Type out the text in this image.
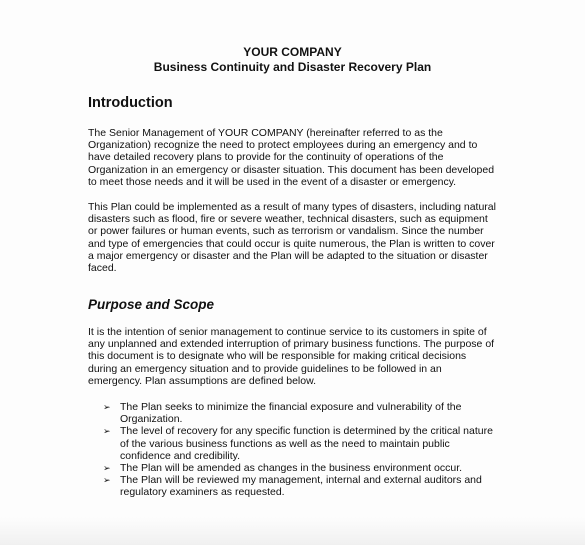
YOUR COMPANY
Business Continuity and Disaster Recovery Plan
Introduction
The Senior Management of YOUR COMPANY (hereinafter referred to as the
Organization) recognize the need to protect employees during an emergency and to
have detailed recovery plans to provide for the continuity of operations of the
Organization in an emergency or disaster situation. This document has been developed
to meet those needs and it will be used in the event of a disaster or emergency.
This Plan could be implemented as a result of many types of disasters, including natural
disasters such as flood, fire or severe weather, technical disasters, such as equipment
or power failures or human events, such as terrorism or vandalism. Since the number
and type of emergencies that could occur is quite numerous, the Plan is written to cover
a major emergency or disaster and the Plan will be adapted to the situation or disaster
faced.
Purpose and Scope
It is the intention of senior management to continue service to its customers in spite of
any unplanned and extended interruption of primary business functions. The purpose of
this document is to designate who will be responsible for making critical decisions
during an emergency situation and to provide guidelines to be followed in an
emergency. Plan assumptions are defined below.
➢ The Plan seeks to minimize the financial exposure and vulnerability of the
Organization.
➢ The level of recovery for any specific function is determined by the critical nature
of the various business functions as well as the need to maintain public
confidence and credibility.
➢ The Plan will be amended as changes in the business environment occur.
➢ The Plan will be reviewed my management, internal and external auditors and
regulatory examiners as requested.
